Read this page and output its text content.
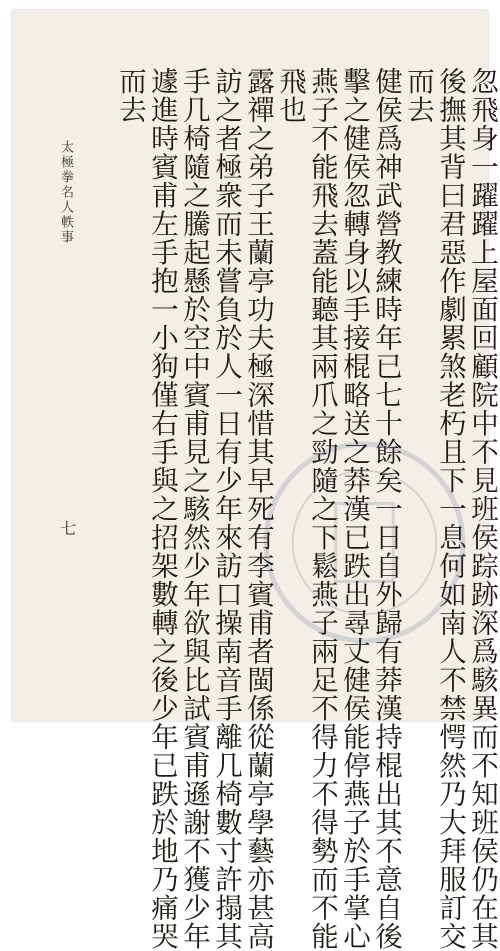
太極拳名人軼事

七	忽飛身一躍躍上屋面回顧院中不見班侯踪跡深爲駭異而不知班侯仍在其
後撫其背曰君惡作劇累煞老朽且下一息何如南人不禁愕然乃大拜服訂交
而去
健侯爲神武營教練時年已七十餘矣一日自外歸有莽漢持棍出其不意自後
擊之健侯忽轉身以手接棍略送之莽漢已跌出尋丈健侯能停燕子於手掌心
燕子不能飛去蓋能聽其兩爪之勁隨之下鬆燕子兩足不得力不得勢而不能
飛也
露禪之弟子王蘭亭功夫極深惜其早死有李賓甫者閩係從蘭亭學藝亦甚高
訪之者極衆而未嘗負於人一日有少年來訪口操南音手離几椅數寸許搨其
手几椅隨之騰起懸於空中賓甫見之駭然少年欲與比試賓甫遜謝不獲少年
遽進時賓甫左手抱一小狗僅右手與之招架數轉之後少年已跌於地乃痛哭
而去
